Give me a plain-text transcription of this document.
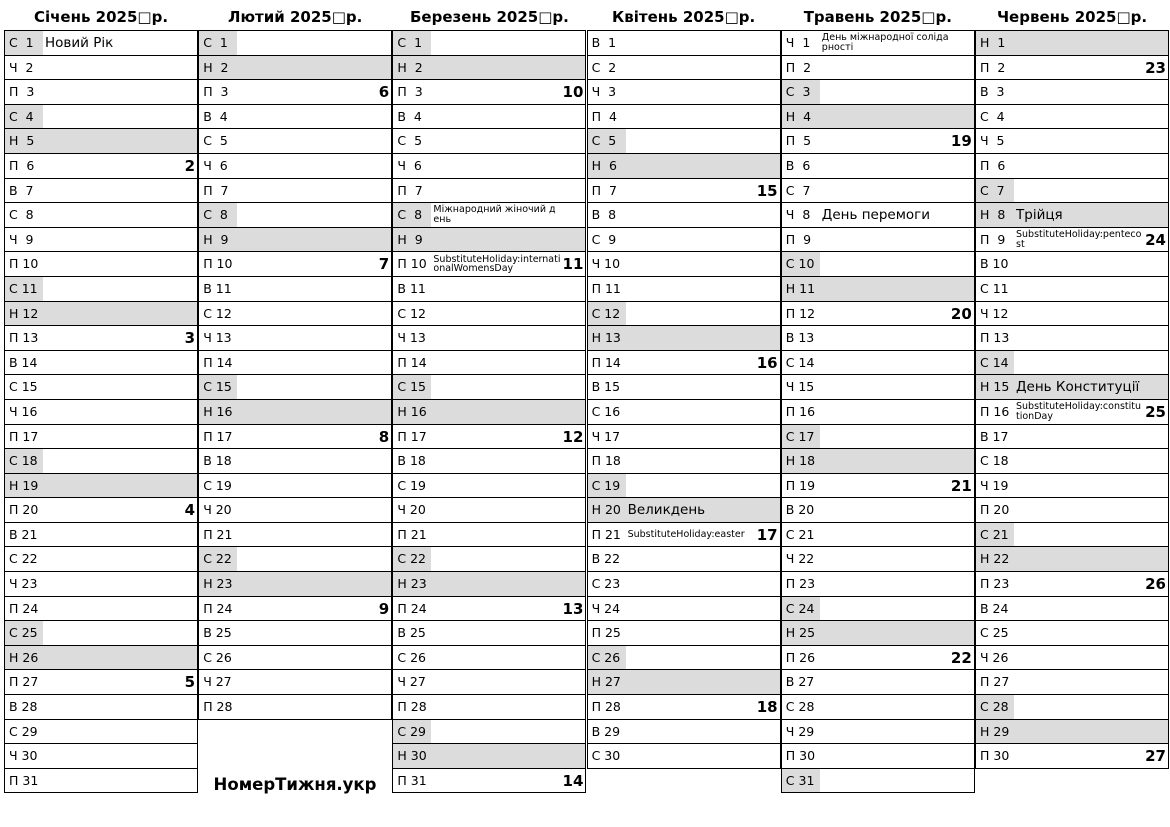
НомерТижня.укр
Січень 2025□р.
С  1 Новий Рік
Ч  2
П  3
С  4
Н  5
П  6	2
В  7
С  8
Ч  9
П 10
С 11
Н 12
П 13	3
В 14
С 15
Ч 16
П 17
С 18
Н 19
П 20	4
В 21
С 22
Ч 23
П 24
С 25
Н 26
П 27	5
В 28
С 29
Ч 30
П 31
Лютий 2025□р.
С  1
Н  2
П  3	6
В  4
С  5
Ч  6
П  7
С  8
Н  9
П 10	7
В 11
С 12
Ч 13
П 14
С 15
Н 16
П 17	8
В 18
С 19
Ч 20
П 21
С 22
Н 23
П 24	9
В 25
С 26
Ч 27
П 28
Березень 2025□р.
С  1
Н  2
П  3	10
В  4
С  5
Ч  6
П  7
С  8	Міжнародний жіночий день
Н  9
П 10 SubstituteHoliday:internationalWomensDay	11
В 11
С 12
Ч 13
П 14
С 15
Н 16
П 17	12
В 18
С 19
Ч 20
П 21
С 22
Н 23
П 24	13
В 25
С 26
Ч 27
П 28
С 29
Н 30
П 31	14
Квітень 2025□р.
В  1
С  2
Ч  3
П  4
С  5
Н  6
П  7	15
В  8
С  9
Ч 10
П 11
С 12
Н 13
П 14	16
В 15
С 16
Ч 17
П 18
С 19
Н 20 Великдень
П 21 SubstituteHoliday:easter 17
В 22
С 23
Ч 24
П 25
С 26
Н 27
П 28	18
В 29
С 30
Травень 2025□р.
Ч  1	День міжнародної солідарності
П  2
С  3
Н  4
П  5	19
В  6
С  7
Ч  8 День перемоги
П  9
С 10
Н 11
П 12	20
В 13
С 14
Ч 15
П 16
С 17
Н 18
П 19	21
В 20
С 21
Ч 22
П 23
С 24
Н 25
П 26	22
В 27
С 28
Ч 29
П 30
С 31
Червень 2025□р.
Н  1
П  2	23
В  3
С  4
Ч  5
П  6
С  7
Н  8 Трійця
П  9	SubstituteHoliday:pentecost	24
В 10
С 11
Ч 12
П 13
С 14
Н 15 День Конституції
П 16 SubstituteHoliday:constitutionDay	25
В 17
С 18
Ч 19
П 20
С 21
Н 22
П 23	26
В 24
С 25
Ч 26
П 27
С 28
Н 29
П 30	27
